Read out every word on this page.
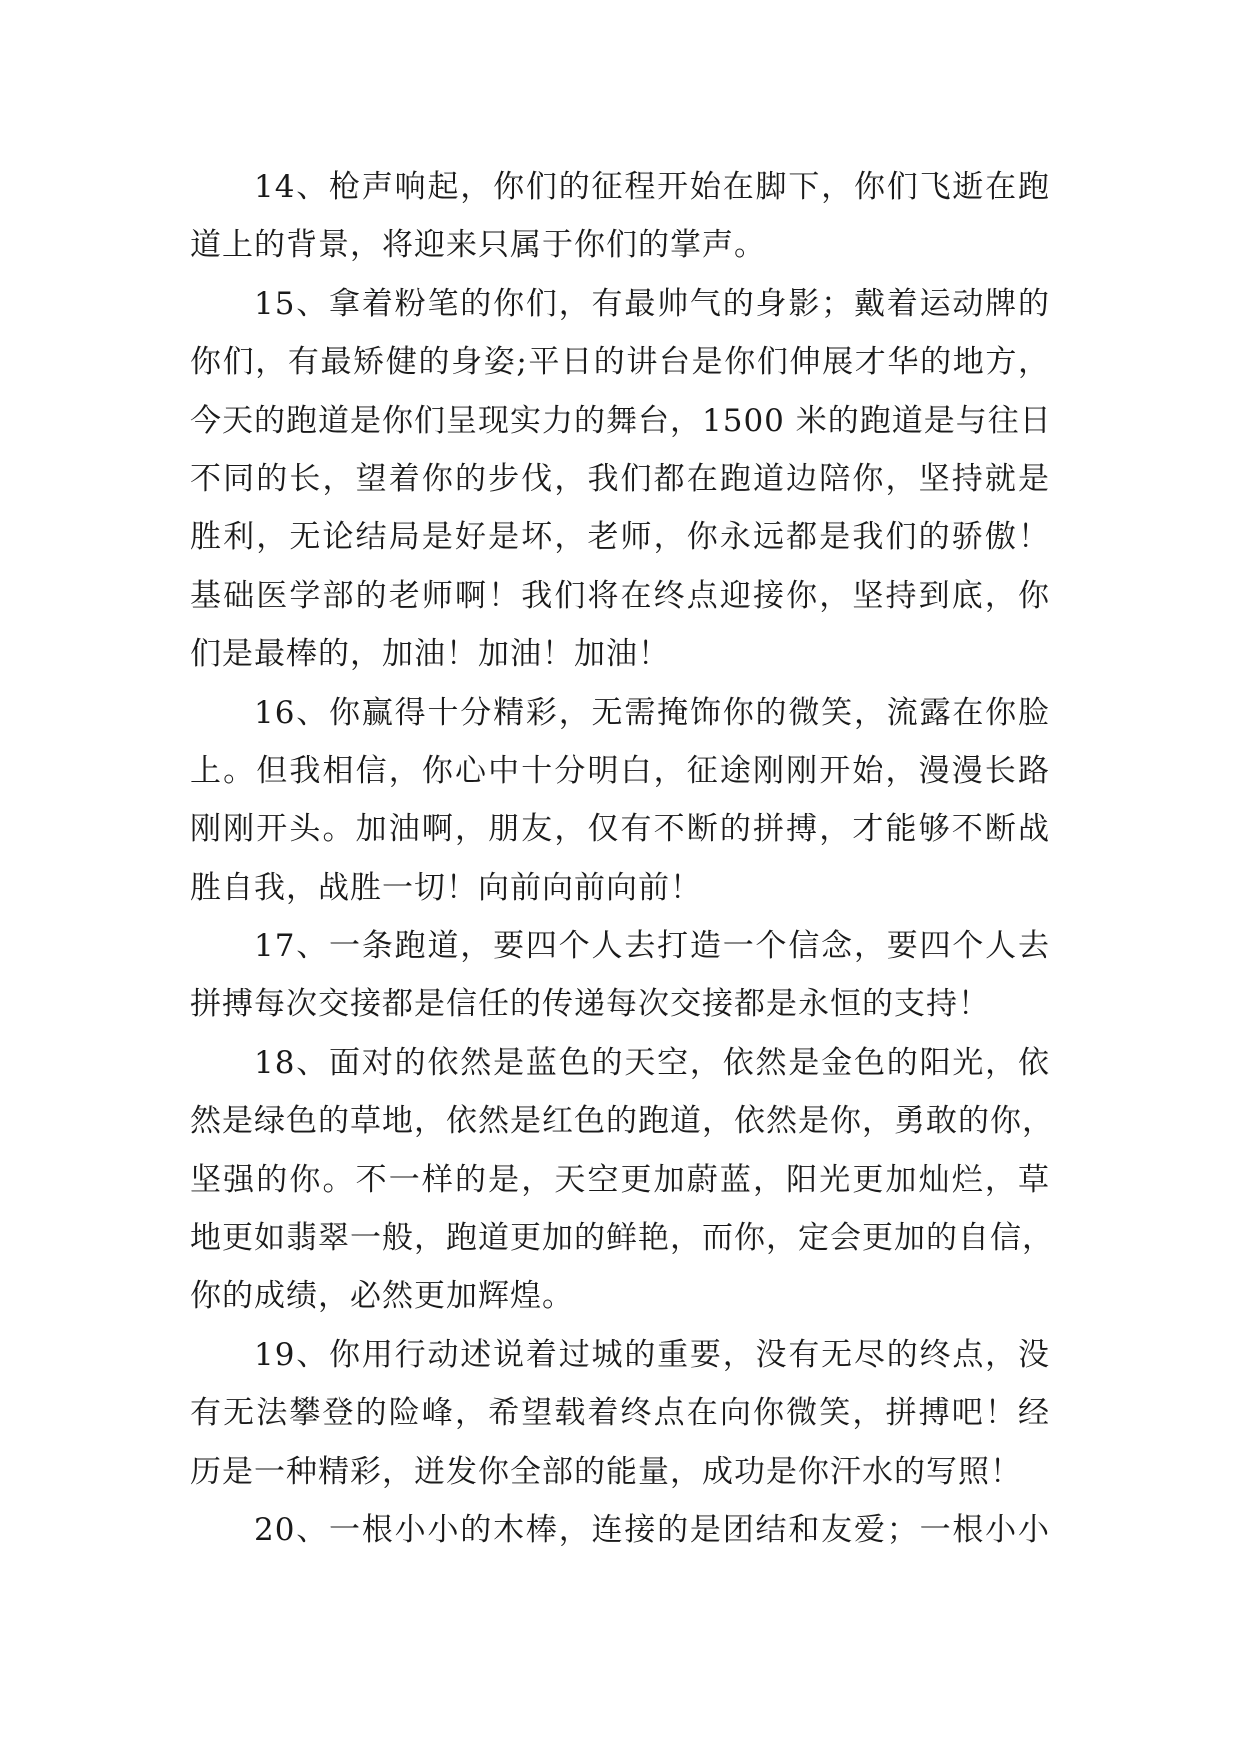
14、枪声响起，你们的征程开始在脚下，你们飞逝在跑
道上的背景，将迎来只属于你们的掌声。
15、拿着粉笔的你们，有最帅气的身影；戴着运动牌的
你们，有最矫健的身姿;平日的讲台是你们伸展才华的地方，
今天的跑道是你们呈现实力的舞台，1500 米的跑道是与往日
不同的长，望着你的步伐，我们都在跑道边陪你，坚持就是
胜利，无论结局是好是坏，老师，你永远都是我们的骄傲！
基础医学部的老师啊！我们将在终点迎接你，坚持到底，你
们是最棒的，加油！加油！加油！
16、你赢得十分精彩，无需掩饰你的微笑，流露在你脸
上。但我相信，你心中十分明白，征途刚刚开始，漫漫长路
刚刚开头。加油啊，朋友，仅有不断的拼搏，才能够不断战
胜自我，战胜一切！向前向前向前！
17、一条跑道，要四个人去打造一个信念，要四个人去
拼搏每次交接都是信任的传递每次交接都是永恒的支持！
18、面对的依然是蓝色的天空，依然是金色的阳光，依
然是绿色的草地，依然是红色的跑道，依然是你，勇敢的你，
坚强的你。不一样的是，天空更加蔚蓝，阳光更加灿烂，草
地更如翡翠一般，跑道更加的鲜艳，而你，定会更加的自信，
你的成绩，必然更加辉煌。
19、你用行动述说着过城的重要，没有无尽的终点，没
有无法攀登的险峰，希望载着终点在向你微笑，拼搏吧！经
历是一种精彩，迸发你全部的能量，成功是你汗水的写照！
20、一根小小的木棒，连接的是团结和友爱；一根小小
